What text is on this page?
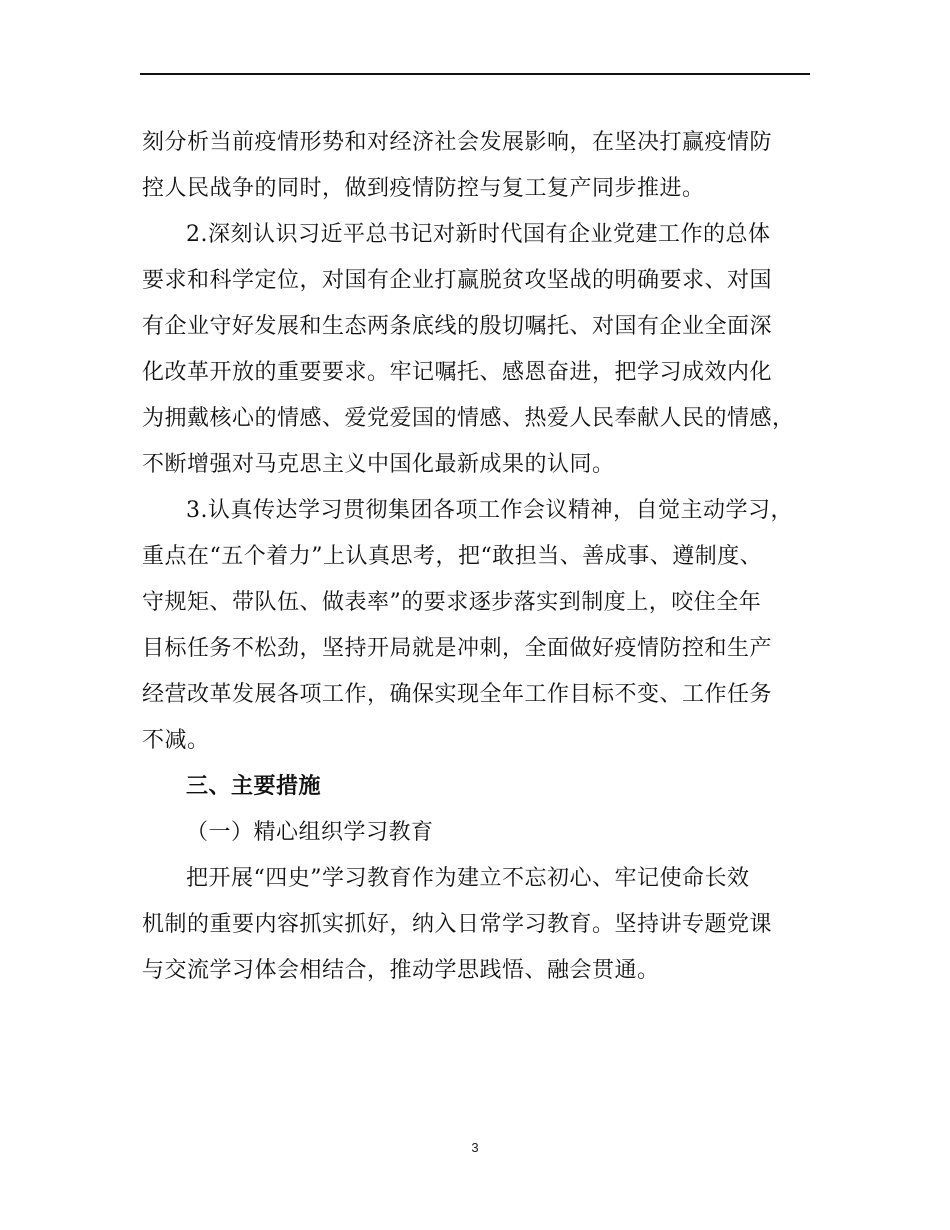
刻分析当前疫情形势和对经济社会发展影响，在坚决打赢疫情防
控人民战争的同时，做到疫情防控与复工复产同步推进。
2.深刻认识习近平总书记对新时代国有企业党建工作的总体
要求和科学定位，对国有企业打赢脱贫攻坚战的明确要求、对国
有企业守好发展和生态两条底线的殷切嘱托、对国有企业全面深
化改革开放的重要要求。牢记嘱托、感恩奋进，把学习成效内化
为拥戴核心的情感、爱党爱国的情感、热爱人民奉献人民的情感，
不断增强对马克思主义中国化最新成果的认同。
3.认真传达学习贯彻集团各项工作会议精神，自觉主动学习，
重点在“五个着力”上认真思考，把“敢担当、善成事、遵制度、
守规矩、带队伍、做表率”的要求逐步落实到制度上，咬住全年
目标任务不松劲，坚持开局就是冲刺，全面做好疫情防控和生产
经营改革发展各项工作，确保实现全年工作目标不变、工作任务
不减。
三、主要措施
（一）精心组织学习教育
把开展“四史”学习教育作为建立不忘初心、牢记使命长效
机制的重要内容抓实抓好，纳入日常学习教育。坚持讲专题党课
与交流学习体会相结合，推动学思践悟、融会贯通。
3
